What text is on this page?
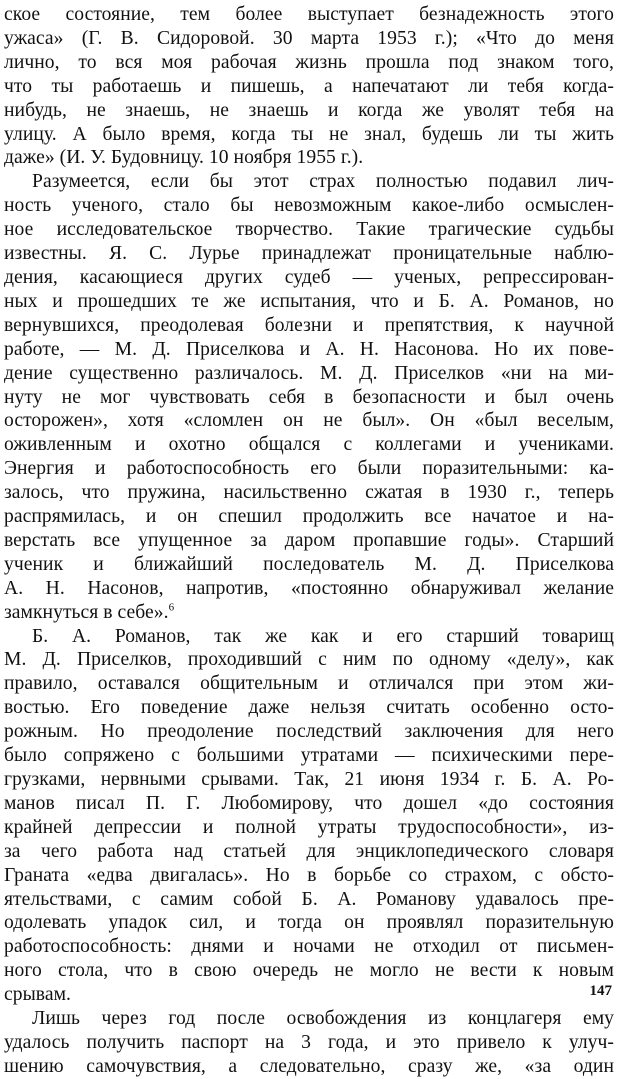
ское состояние, тем более выступает безнадежность этого
ужаса» (Г. В. Сидоровой. 30 марта 1953 г.); «Что до меня
лично, то вся моя рабочая жизнь прошла под знаком того,
что ты работаешь и пишешь, а напечатают ли тебя когда-
нибудь, не знаешь, не знаешь и когда же уволят тебя на
улицу. А было время, когда ты не знал, будешь ли ты жить
даже» (И. У. Будовницу. 10 ноября 1955 г.).
Разумеется, если бы этот страх полностью подавил лич-
ность ученого, стало бы невозможным какое-либо осмыслен-
ное исследовательское творчество. Такие трагические судьбы
известны. Я. С. Лурье принадлежат проницательные наблю-
дения, касающиеся других судеб — ученых, репрессирован-
ных и прошедших те же испытания, что и Б. А. Романов, но
вернувшихся, преодолевая болезни и препятствия, к научной
работе, — М. Д. Приселкова и А. Н. Насонова. Но их пове-
дение существенно различалось. М. Д. Приселков «ни на ми-
нуту не мог чувствовать себя в безопасности и был очень
осторожен», хотя «сломлен он не был». Он «был веселым,
оживленным и охотно общался с коллегами и учениками.
Энергия и работоспособность его были поразительными: ка-
залось, что пружина, насильственно сжатая в 1930 г., теперь
распрямилась, и он спешил продолжить все начатое и на-
верстать все упущенное за даром пропавшие годы». Старший
ученик и ближайший последователь М. Д. Приселкова
А. Н. Насонов, напротив, «постоянно обнаруживал желание
замкнуться в себе».$^6$
Б. А. Романов, так же как и его старший товарищ
М. Д. Приселков, проходивший с ним по одному «делу», как
правило, оставался общительным и отличался при этом жи-
востью. Его поведение даже нельзя считать особенно осто-
рожным. Но преодоление последствий заключения для него
было сопряжено с большими утратами — психическими пере-
грузками, нервными срывами. Так, 21 июня 1934 г. Б. А. Ро-
манов писал П. Г. Любомирову, что дошел «до состояния
крайней депрессии и полной утраты трудоспособности», из-
за чего работа над статьей для энциклопедического словаря
Граната «едва двигалась». Но в борьбе со страхом, с обсто-
ятельствами, с самим собой Б. А. Романову удавалось пре-
одолевать упадок сил, и тогда он проявлял поразительную
работоспособность: днями и ночами не отходил от письмен-
ного стола, что в свою очередь не могло не вести к новым
срывам.
Лишь через год после освобождения из концлагеря ему
удалось получить паспорт на 3 года, и это привело к улуч-
шению самочувствия, а следовательно, сразу же, «за один
147
